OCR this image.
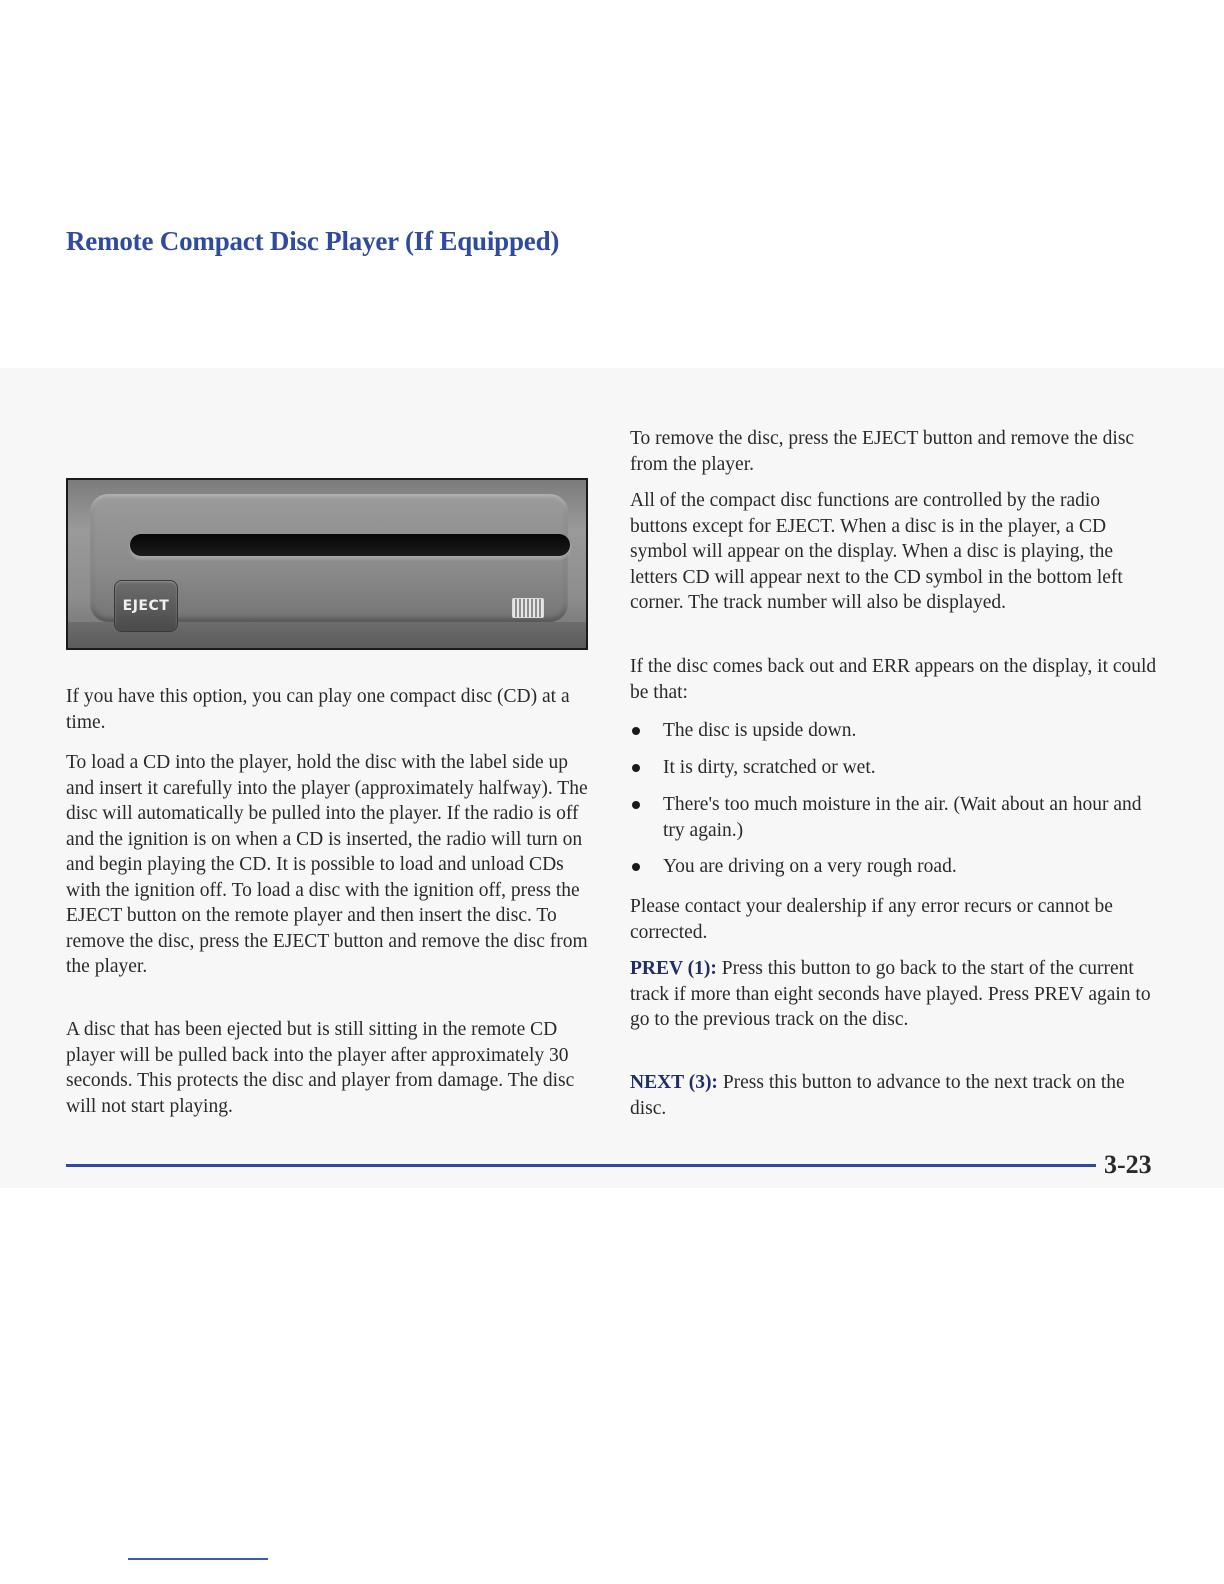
Remote Compact Disc Player (If Equipped)
EJECT

If you have this option, you can play one compact disc (CD) at a time.

To load a CD into the player, hold the disc with the label side up and insert it carefully into the player (approximately halfway). The disc will automatically be pulled into the player. If the radio is off and the ignition is on when a CD is inserted, the radio will turn on and begin playing the CD. It is possible to load and unload CDs with the ignition off. To load a disc with the ignition off, press the EJECT button on the remote player and then insert the disc. To remove the disc, press the EJECT button and remove the disc from the player.

A disc that has been ejected but is still sitting in the remote CD player will be pulled back into the player after approximately 30 seconds. This protects the disc and player from damage. The disc will not start playing.

To remove the disc, press the EJECT button and remove the disc from the player.

All of the compact disc functions are controlled by the radio buttons except for EJECT. When a disc is in the player, a CD symbol will appear on the display. When a disc is playing, the letters CD will appear next to the CD symbol in the bottom left corner. The track number will also be displayed.

If the disc comes back out and ERR appears on the display, it could be that:

The disc is upside down.
It is dirty, scratched or wet.
There's too much moisture in the air. (Wait about an hour and try again.)
You are driving on a very rough road.

Please contact your dealership if any error recurs or cannot be corrected.

PREV (1): Press this button to go back to the start of the current track if more than eight seconds have played. Press PREV again to go to the previous track on the disc.

NEXT (3): Press this button to advance to the next track on the disc.

3-23
